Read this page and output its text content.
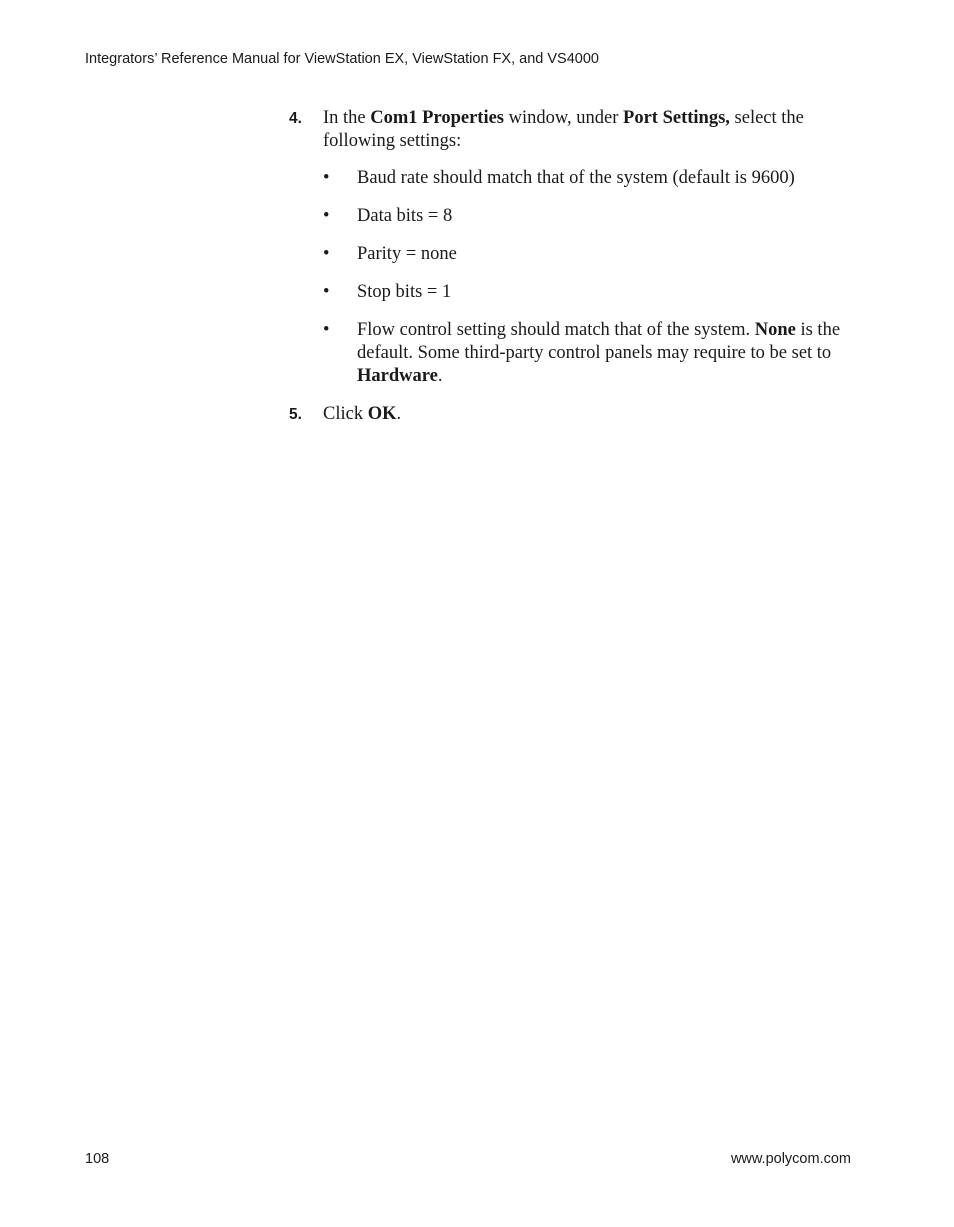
Integrators’ Reference Manual for ViewStation EX, ViewStation FX, and VS4000
4. In the Com1 Properties window, under Port Settings, select the following settings:
• Baud rate should match that of the system (default is 9600)
• Data bits = 8
• Parity = none
• Stop bits = 1
• Flow control setting should match that of the system. None is the default. Some third-party control panels may require to be set to Hardware.
5. Click OK.
108	www.polycom.com
